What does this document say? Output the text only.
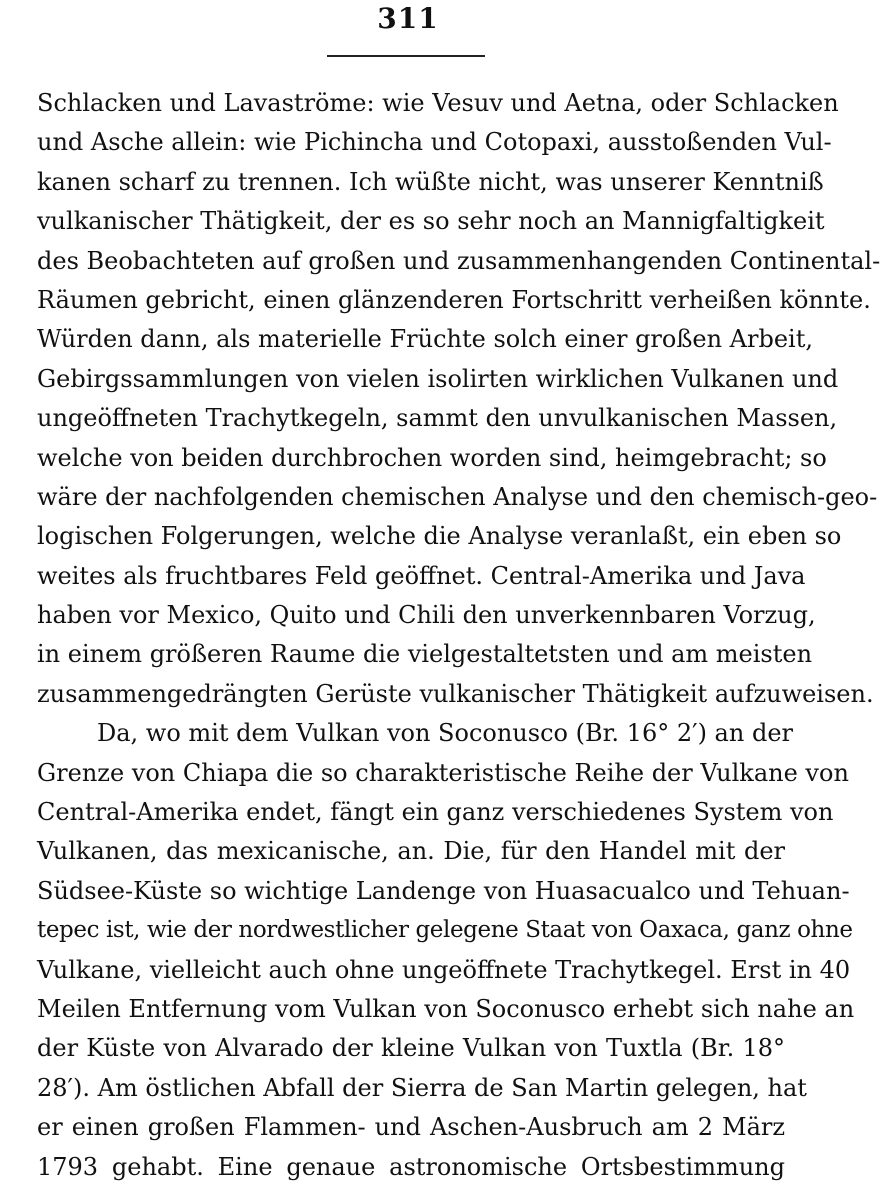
311
Schlacken und Lavaströme: wie Vesuv und Aetna, oder Schlacken
und Asche allein: wie Pichincha und Cotopaxi, ausstoßenden Vul-
kanen scharf zu trennen. Ich wüßte nicht, was unserer Kenntniß
vulkanischer Thätigkeit, der es so sehr noch an Mannigfaltigkeit
des Beobachteten auf großen und zusammenhangenden Continental-
Räumen gebricht, einen glänzenderen Fortschritt verheißen könnte.
Würden dann, als materielle Früchte solch einer großen Arbeit,
Gebirgssammlungen von vielen isolirten wirklichen Vulkanen und
ungeöffneten Trachytkegeln, sammt den unvulkanischen Massen,
welche von beiden durchbrochen worden sind, heimgebracht; so
wäre der nachfolgenden chemischen Analyse und den chemisch-geo-
logischen Folgerungen, welche die Analyse veranlaßt, ein eben so
weites als fruchtbares Feld geöffnet. Central-Amerika und Java
haben vor Mexico, Quito und Chili den unverkennbaren Vorzug,
in einem größeren Raume die vielgestaltetsten und am meisten
zusammengedrängten Gerüste vulkanischer Thätigkeit aufzuweisen.
Da, wo mit dem Vulkan von Soconusco (Br. 16° 2′) an der
Grenze von Chiapa die so charakteristische Reihe der Vulkane von
Central-Amerika endet, fängt ein ganz verschiedenes System von
Vulkanen, das mexicanische, an. Die, für den Handel mit der
Südsee-Küste so wichtige Landenge von Huasacualco und Tehuan-
tepec ist, wie der nordwestlicher gelegene Staat von Oaxaca, ganz ohne
Vulkane, vielleicht auch ohne ungeöffnete Trachytkegel. Erst in 40
Meilen Entfernung vom Vulkan von Soconusco erhebt sich nahe an
der Küste von Alvarado der kleine Vulkan von Tuxtla (Br. 18°
28′). Am östlichen Abfall der Sierra de San Martin gelegen, hat
er einen großen Flammen- und Aschen-Ausbruch am 2 März
1793 gehabt. Eine genaue astronomische Ortsbestimmung
